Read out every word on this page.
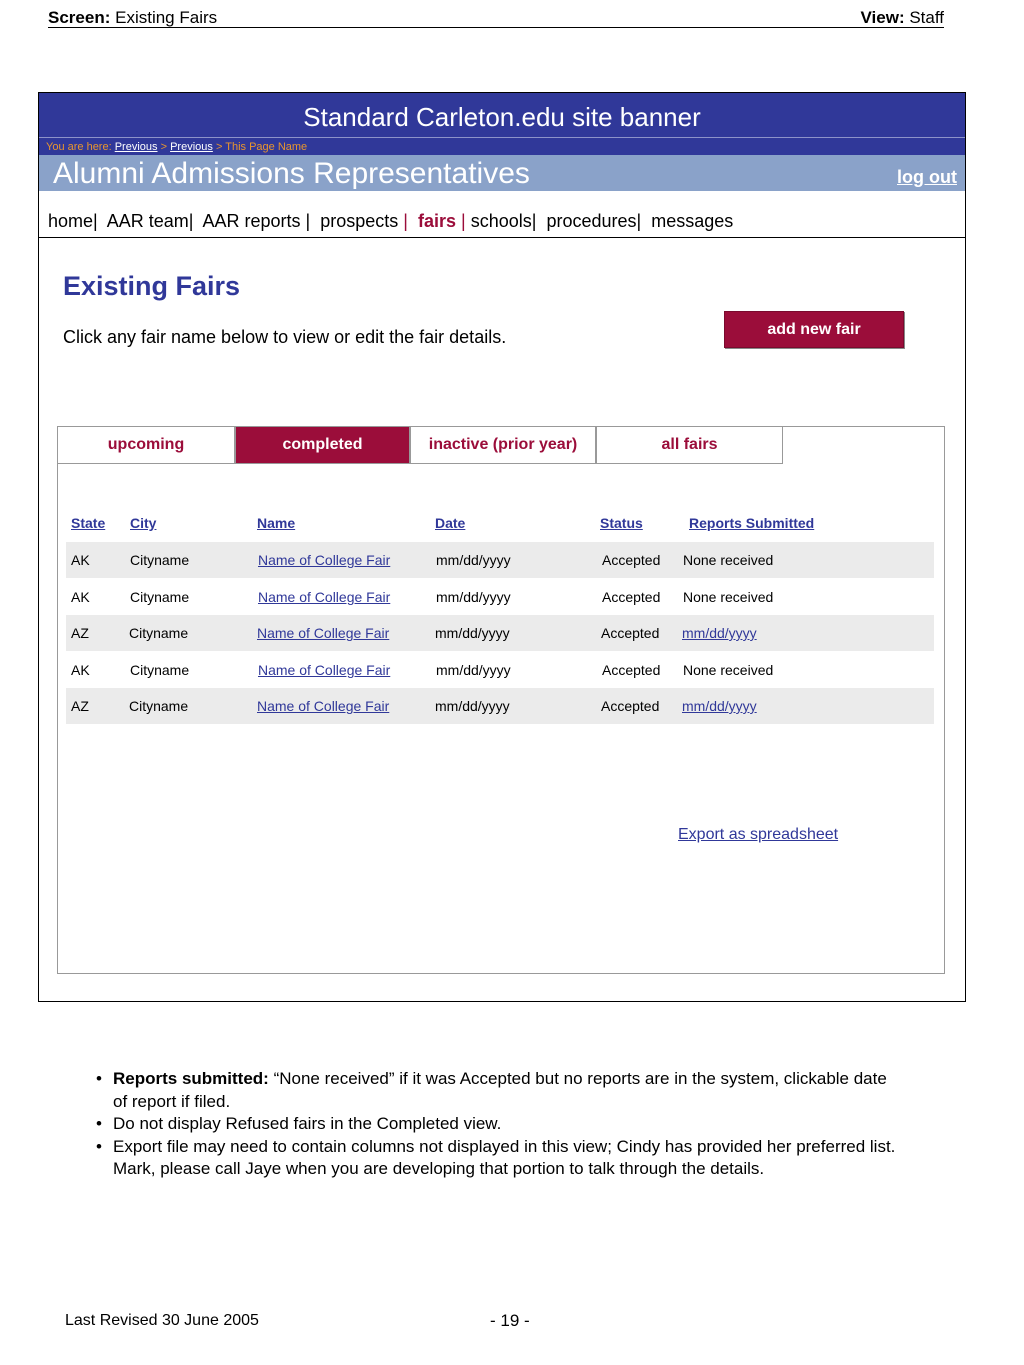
Screen: Existing Fairs	View: Staff
Standard Carleton.edu site banner
You are here: Previous > Previous > This Page Name
Alumni Admissions Representatives	log out
home| AAR team| AAR reports | prospects | fairs | schools| procedures| messages
Existing Fairs
Click any fair name below to view or edit the fair details.	add new fair
upcoming	completed	inactive (prior year)	all fairs
State City	Name	Date	Status	Reports Submitted
AK	Cityname	Name of College Fair	mm/dd/yyyy	Accepted None received
AK	Cityname	Name of College Fair	mm/dd/yyyy	Accepted None received
AZ	Cityname	Name of College Fair	mm/dd/yyyy	Accepted mm/dd/yyyy
AK	Cityname	Name of College Fair	mm/dd/yyyy	Accepted None received
AZ	Cityname	Name of College Fair	mm/dd/yyyy	Accepted mm/dd/yyyy
Export as spreadsheet
• Reports submitted: “None received” if it was Accepted but no reports are in the system, clickable date of report if filed.
• Do not display Refused fairs in the Completed view.
• Export file may need to contain columns not displayed in this view; Cindy has provided her preferred list. Mark, please call Jaye when you are developing that portion to talk through the details.
Last Revised 30 June 2005	- 19 -
